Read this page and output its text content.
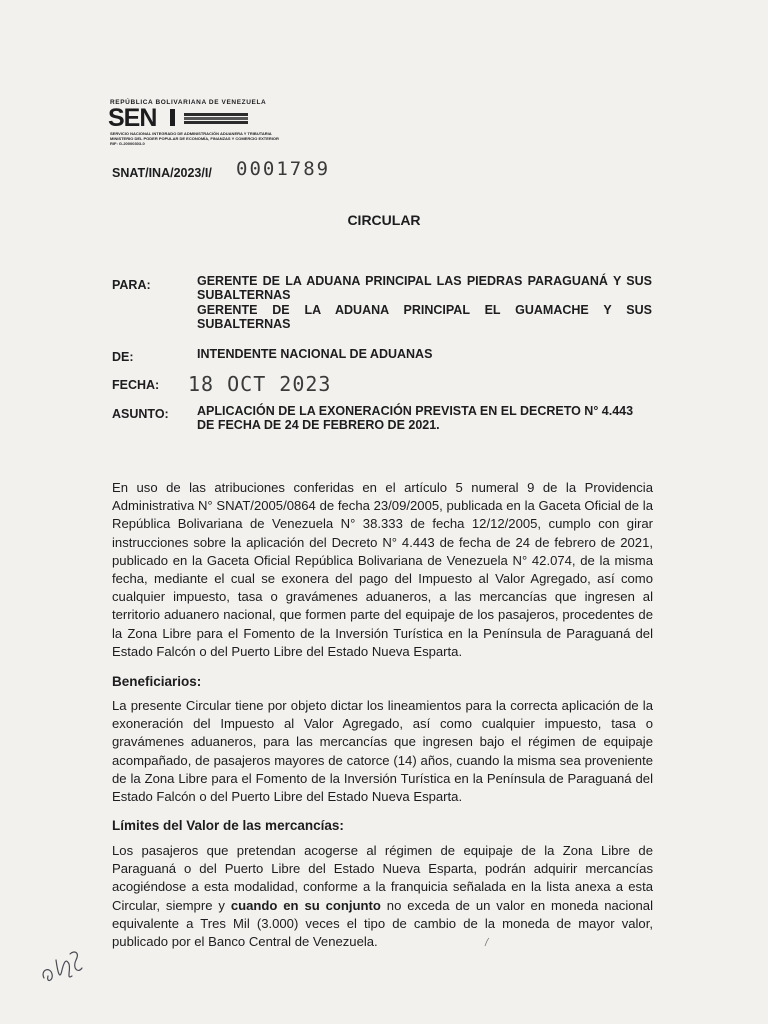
REPÚBLICA BOLIVARIANA DE VENEZUELA
SEN
SERVICIO NACIONAL INTEGRADO DE ADMINISTRACIÓN ADUANERA Y TRIBUTARIA
MINISTERIO DEL PODER POPULAR DE ECONOMÍA, FINANZAS Y COMERCIO EXTERIOR
RIF: G-20000303-0
SNAT/INA/2023/I/ 0001789
CIRCULAR
PARA:	GERENTE DE LA ADUANA PRINCIPAL LAS PIEDRAS PARAGUANÁ Y SUS SUBALTERNAS
GERENTE DE LA ADUANA PRINCIPAL EL GUAMACHE Y SUS SUBALTERNAS
DE:	INTENDENTE NACIONAL DE ADUANAS
FECHA: 18 OCT 2023
ASUNTO: APLICACIÓN DE LA EXONERACIÓN PREVISTA EN EL DECRETO N° 4.443 DE FECHA DE 24 DE FEBRERO DE 2021.
En uso de las atribuciones conferidas en el artículo 5 numeral 9 de la Providencia Administrativa N° SNAT/2005/0864 de fecha 23/09/2005, publicada en la Gaceta Oficial de la República Bolivariana de Venezuela N° 38.333 de fecha 12/12/2005, cumplo con girar instrucciones sobre la aplicación del Decreto N° 4.443 de fecha de 24 de febrero de 2021, publicado en la Gaceta Oficial República Bolivariana de Venezuela N° 42.074, de la misma fecha, mediante el cual se exonera del pago del Impuesto al Valor Agregado, así como cualquier impuesto, tasa o gravámenes aduaneros, a las mercancías que ingresen al territorio aduanero nacional, que formen parte del equipaje de los pasajeros, procedentes de la Zona Libre para el Fomento de la Inversión Turística en la Península de Paraguaná del Estado Falcón o del Puerto Libre del Estado Nueva Esparta.
Beneficiarios:
La presente Circular tiene por objeto dictar los lineamientos para la correcta aplicación de la exoneración del Impuesto al Valor Agregado, así como cualquier impuesto, tasa o gravámenes aduaneros, para las mercancías que ingresen bajo el régimen de equipaje acompañado, de pasajeros mayores de catorce (14) años, cuando la misma sea proveniente de la Zona Libre para el Fomento de la Inversión Turística en la Península de Paraguaná del Estado Falcón o del Puerto Libre del Estado Nueva Esparta.
Límites del Valor de las mercancías:
Los pasajeros que pretendan acogerse al régimen de equipaje de la Zona Libre de Paraguaná o del Puerto Libre del Estado Nueva Esparta, podrán adquirir mercancías acogiéndose a esta modalidad, conforme a la franquicia señalada en la lista anexa a esta Circular, siempre y cuando en su conjunto no exceda de un valor en moneda nacional equivalente a Tres Mil (3.000) veces el tipo de cambio de la moneda de mayor valor, publicado por el Banco Central de Venezuela.
